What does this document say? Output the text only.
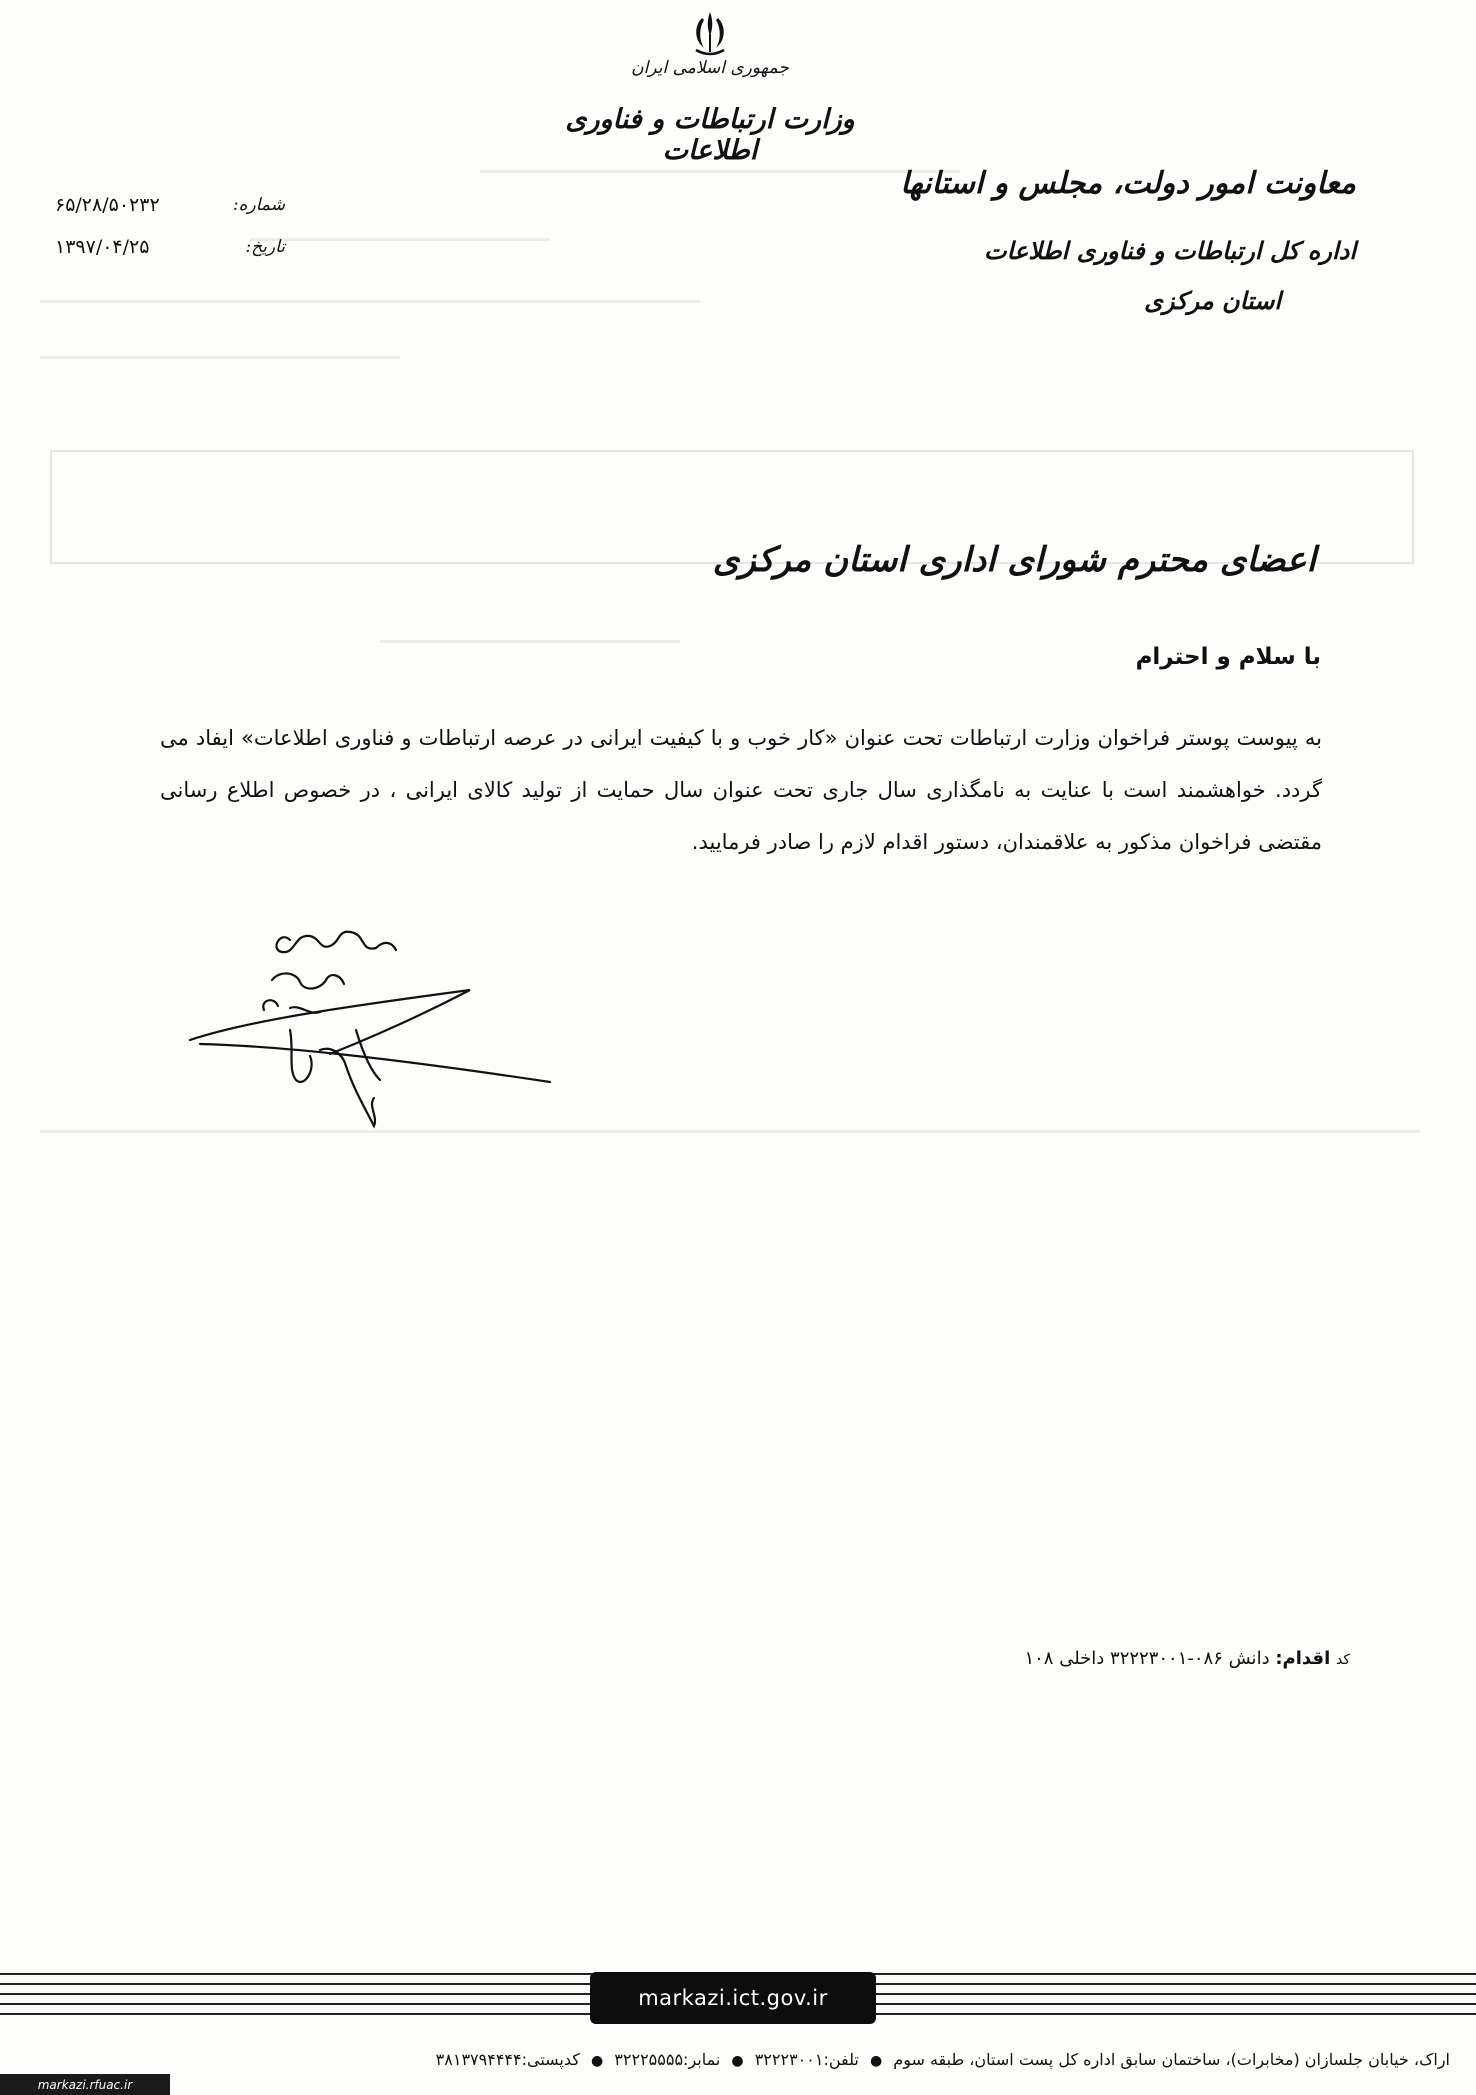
جمهوری اسلامی ایران
وزارت ارتباطات و فناوری اطلاعات
۶۵/۲۸/۵۰۲۳۲	شماره:
۱۳۹۷/۰۴/۲۵	تاریخ:
معاونت امور دولت، مجلس و استانها
اداره کل ارتباطات و فناوری اطلاعات
استان مرکزی
اعضای محترم شورای اداری استان مرکزی
با سلام و احترام
به پیوست پوستر فراخوان وزارت ارتباطات تحت عنوان «کار خوب و با کیفیت ایرانی در عرصه ارتباطات و فناوری اطلاعات» ایفاد می گردد. خواهشمند است با عنایت به نامگذاری سال جاری تحت عنوان سال حمایت از تولید کالای ایرانی ، در خصوص اطلاع رسانی مقتضی فراخوان مذکور به علاقمندان، دستور اقدام لازم را صادر فرمایید.
کد اقدام: دانش ۰۸۶-۳۲۲۲۳۰۰۱ داخلی ۱۰۸
markazi.ict.gov.ir
اراک، خیابان جلسازان (مخابرات)، ساختمان سابق اداره کل پست استان، طبقه سوم ● تلفن:۳۲۲۲۳۰۰۱ ● نمابر:۳۲۲۲۵۵۵۵ ● کدپستی:۳۸۱۳۷۹۴۴۴۴
markazi.rfuac.ir
